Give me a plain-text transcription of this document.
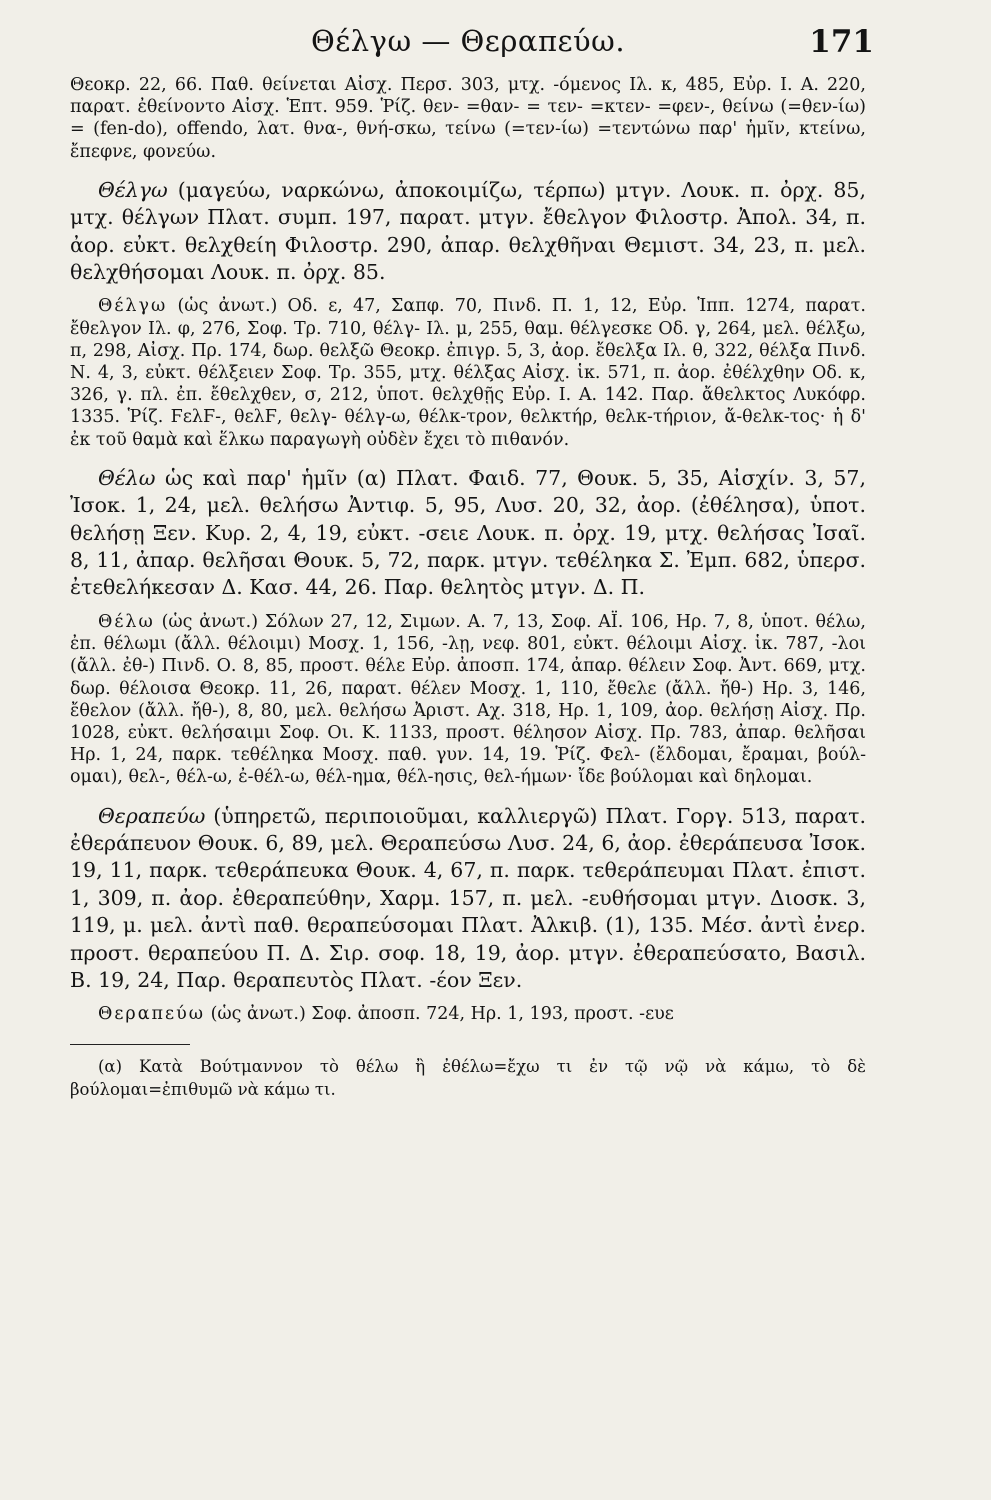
Θέλγω — Θεραπεύω.	171

Θεοκρ. 22, 66. Παθ. θείνεται Αἰσχ. Περσ. 303, μτχ. -όμενος Ιλ. κ, 485, Εὐρ. Ι. Α. 220, παρατ. ἐθείνοντο Αἰσχ. Ἑπτ. 959. Ῥίζ. θεν- =θαν- = τεν- =κτεν- =φεν-, θείνω (=θεν-ίω) = (fen-do), offendo, λατ. θνα-, θνή-σκω, τείνω (=τεν-ίω) =τεντώνω παρ' ἡμῖν, κτείνω, ἔπεφνε, φονεύω.

Θέλγω (μαγεύω, ναρκώνω, ἀποκοιμίζω, τέρπω) μτγν. Λουκ. π. ὀρχ. 85, μτχ. θέλγων Πλατ. συμπ. 197, παρατ. μτγν. ἔθελγον Φιλοστρ. Ἀπολ. 34, π. ἀορ. εὐκτ. θελχθείη Φιλοστρ. 290, ἀπαρ. θελχθῆναι Θεμιστ. 34, 23, π. μελ. θελχθήσομαι Λουκ. π. ὀρχ. 85.

Θέλγω (ὡς ἀνωτ.) Οδ. ε, 47, Σαπφ. 70, Πινδ. Π. 1, 12, Εὐρ. Ἱππ. 1274, παρατ. ἔθελγον Ιλ. φ, 276, Σοφ. Τρ. 710, θέλγ- Ιλ. μ, 255, θαμ. θέλγεσκε Οδ. γ, 264, μελ. θέλξω, π, 298, Αἰσχ. Πρ. 174, δωρ. θελξῶ Θεοκρ. ἐπιγρ. 5, 3, ἀορ. ἔθελξα Ιλ. θ, 322, θέλξα Πινδ. Ν. 4, 3, εὐκτ. θέλξειεν Σοφ. Τρ. 355, μτχ. θέλξας Αἰσχ. ἱκ. 571, π. ἀορ. ἐθέλχθην Οδ. κ, 326, γ. πλ. ἐπ. ἔθελχθεν, σ, 212, ὑποτ. θελχθῇς Εὐρ. Ι. Α. 142. Παρ. ἄθελκτος Λυκόφρ. 1335. Ῥίζ. ϜελϜ-, θελϜ, θελγ- θέλγ-ω, θέλκ-τρον, θελκτήρ, θελκ-τήριον, ἄ-θελκ-τος· ἡ δ' ἐκ τοῦ θαμὰ καὶ ἕλκω παραγωγὴ οὐδὲν ἔχει τὸ πιθανόν.

Θέλω ὡς καὶ παρ' ἡμῖν (α) Πλατ. Φαιδ. 77, Θουκ. 5, 35, Αἰσχίν. 3, 57, Ἰσοκ. 1, 24, μελ. θελήσω Ἀντιφ. 5, 95, Λυσ. 20, 32, ἀορ. (ἐθέλησα), ὑποτ. θελήσῃ Ξεν. Κυρ. 2, 4, 19, εὐκτ. -σειε Λουκ. π. ὀρχ. 19, μτχ. θελήσας Ἰσαῖ. 8, 11, ἀπαρ. θελῆσαι Θουκ. 5, 72, παρκ. μτγν. τεθέληκα Σ. Ἐμπ. 682, ὑπερσ. ἐτεθελήκεσαν Δ. Κασ. 44, 26. Παρ. θελητὸς μτγν. Δ. Π.

Θέλω (ὡς ἀνωτ.) Σόλων 27, 12, Σιμων. Α. 7, 13, Σοφ. ΑΪ. 106, Ηρ. 7, 8, ὑποτ. θέλω, ἐπ. θέλωμι (ἄλλ. θέλοιμι) Μοσχ. 1, 156, -λῃ, νεφ. 801, εὐκτ. θέλοιμι Αἰσχ. ἱκ. 787, -λοι (ἄλλ. ἐθ-) Πινδ. Ο. 8, 85, προστ. θέλε Εὐρ. ἀποσπ. 174, ἀπαρ. θέλειν Σοφ. Ἀντ. 669, μτχ. δωρ. θέλοισα Θεοκρ. 11, 26, παρατ. θέλεν Μοσχ. 1, 110, ἔθελε (ἄλλ. ἤθ-) Ηρ. 3, 146, ἔθελον (ἄλλ. ἤθ-), 8, 80, μελ. θελήσω Ἀριστ. Αχ. 318, Ηρ. 1, 109, ἀορ. θελήσῃ Αἰσχ. Πρ. 1028, εὐκτ. θελήσαιμι Σοφ. Οι. Κ. 1133, προστ. θέλησον Αἰσχ. Πρ. 783, ἀπαρ. θελῆσαι Ηρ. 1, 24, παρκ. τεθέληκα Μοσχ. παθ. γυν. 14, 19. Ῥίζ. Φελ- (ἔλδομαι, ἔραμαι, βούλ-ομαι), θελ-, θέλ-ω, ἐ-θέλ-ω, θέλ-ημα, θέλ-ησις, θελ-ήμων· ἴδε βούλομαι καὶ δηλομαι.

Θεραπεύω (ὑπηρετῶ, περιποιοῦμαι, καλλιεργῶ) Πλατ. Γοργ. 513, παρατ. ἐθεράπευον Θουκ. 6, 89, μελ. Θεραπεύσω Λυσ. 24, 6, ἀορ. ἐθεράπευσα Ἰσοκ. 19, 11, παρκ. τεθεράπευκα Θουκ. 4, 67, π. παρκ. τεθεράπευμαι Πλατ. ἐπιστ. 1, 309, π. ἀορ. ἐθεραπεύθην, Χαρμ. 157, π. μελ. -ευθήσομαι μτγν. Διοσκ. 3, 119, μ. μελ. ἀντὶ παθ. θεραπεύσομαι Πλατ. Ἀλκιβ. (1), 135. Μέσ. ἀντὶ ἐνερ. προστ. θεραπεύου Π. Δ. Σιρ. σοφ. 18, 19, ἀορ. μτγν. ἐθεραπεύσατο, Βασιλ. Β. 19, 24, Παρ. θεραπευτὸς Πλατ. -έον Ξεν.

Θεραπεύω (ὡς ἀνωτ.) Σοφ. ἀποσπ. 724, Ηρ. 1, 193, προστ. -ευε

(α) Κατὰ Βούτμαννον τὸ θέλω ἢ ἐθέλω=ἔχω τι ἐν τῷ νῷ νὰ κάμω, τὸ δὲ βούλομαι=ἐπιθυμῶ νὰ κάμω τι.
